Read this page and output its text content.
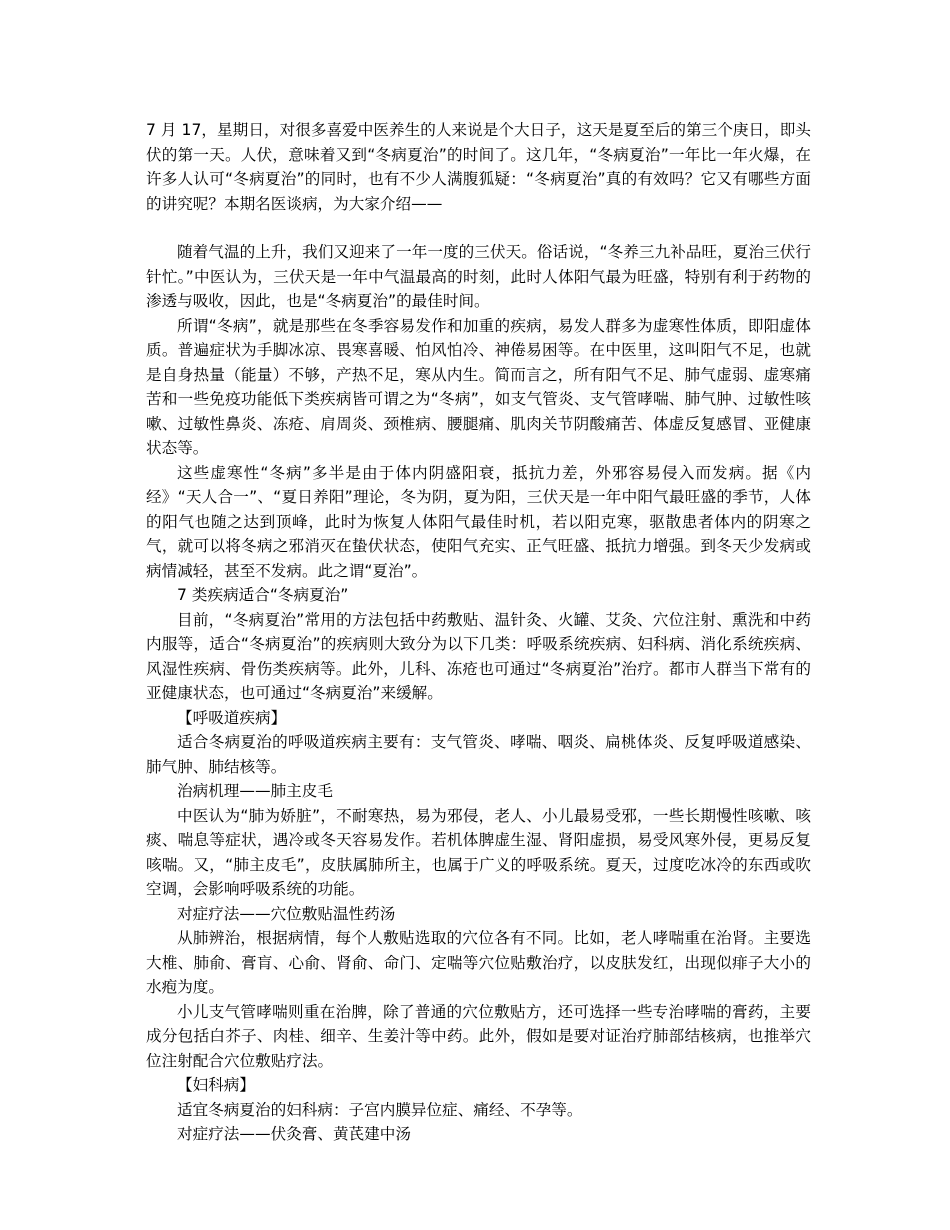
7 月 17，星期日，对很多喜爱中医养生的人来说是个大日子，这天是夏至后的第三个庚日，即头伏的第一天。人伏，意味着又到“冬病夏治”的时间了。这几年，“冬病夏治”一年比一年火爆，在许多人认可“冬病夏治”的同时，也有不少人满腹狐疑：“冬病夏治”真的有效吗？它又有哪些方面的讲究呢？本期名医谈病，为大家介绍——

随着气温的上升，我们又迎来了一年一度的三伏天。俗话说，“冬养三九补品旺，夏治三伏行针忙。”中医认为，三伏天是一年中气温最高的时刻，此时人体阳气最为旺盛，特别有利于药物的渗透与吸收，因此，也是“冬病夏治”的最佳时间。

所谓“冬病”，就是那些在冬季容易发作和加重的疾病，易发人群多为虚寒性体质，即阳虚体质。普遍症状为手脚冰凉、畏寒喜暖、怕风怕冷、神倦易困等。在中医里，这叫阳气不足，也就是自身热量（能量）不够，产热不足，寒从内生。简而言之，所有阳气不足、肺气虚弱、虚寒痛苦和一些免疫功能低下类疾病皆可谓之为“冬病”，如支气管炎、支气管哮喘、肺气肿、过敏性咳嗽、过敏性鼻炎、冻疮、肩周炎、颈椎病、腰腿痛、肌肉关节阴酸痛苦、体虚反复感冒、亚健康状态等。

这些虚寒性“冬病”多半是由于体内阴盛阳衰，抵抗力差，外邪容易侵入而发病。据《内经》“天人合一”、“夏日养阳”理论，冬为阴，夏为阳，三伏天是一年中阳气最旺盛的季节，人体的阳气也随之达到顶峰，此时为恢复人体阳气最佳时机，若以阳克寒，驱散患者体内的阴寒之气，就可以将冬病之邪消灭在蛰伏状态，使阳气充实、正气旺盛、抵抗力增强。到冬天少发病或病情减轻，甚至不发病。此之谓“夏治”。

7 类疾病适合“冬病夏治”

目前，“冬病夏治”常用的方法包括中药敷贴、温针灸、火罐、艾灸、穴位注射、熏洗和中药内服等，适合“冬病夏治”的疾病则大致分为以下几类：呼吸系统疾病、妇科病、消化系统疾病、风湿性疾病、骨伤类疾病等。此外，儿科、冻疮也可通过“冬病夏治”治疗。都市人群当下常有的亚健康状态，也可通过“冬病夏治”来缓解。

【呼吸道疾病】

适合冬病夏治的呼吸道疾病主要有：支气管炎、哮喘、咽炎、扁桃体炎、反复呼吸道感染、肺气肿、肺结核等。

治病机理——肺主皮毛

中医认为“肺为娇脏”，不耐寒热，易为邪侵，老人、小儿最易受邪，一些长期慢性咳嗽、咳痰、喘息等症状，遇冷或冬天容易发作。若机体脾虚生湿、肾阳虚损，易受风寒外侵，更易反复咳喘。又，“肺主皮毛”，皮肤属肺所主，也属于广义的呼吸系统。夏天，过度吃冰冷的东西或吹空调，会影响呼吸系统的功能。

对症疗法——穴位敷贴温性药汤

从肺辨治，根据病情，每个人敷贴选取的穴位各有不同。比如，老人哮喘重在治肾。主要选大椎、肺俞、膏肓、心俞、肾俞、命门、定喘等穴位贴敷治疗，以皮肤发红，出现似痱子大小的水疱为度。

小儿支气管哮喘则重在治脾，除了普通的穴位敷贴方，还可选择一些专治哮喘的膏药，主要成分包括白芥子、肉桂、细辛、生姜汁等中药。此外，假如是要对证治疗肺部结核病，也推举穴位注射配合穴位敷贴疗法。

【妇科病】

适宜冬病夏治的妇科病：子宫内膜异位症、痛经、不孕等。

对症疗法——伏灸膏、黄芪建中汤
